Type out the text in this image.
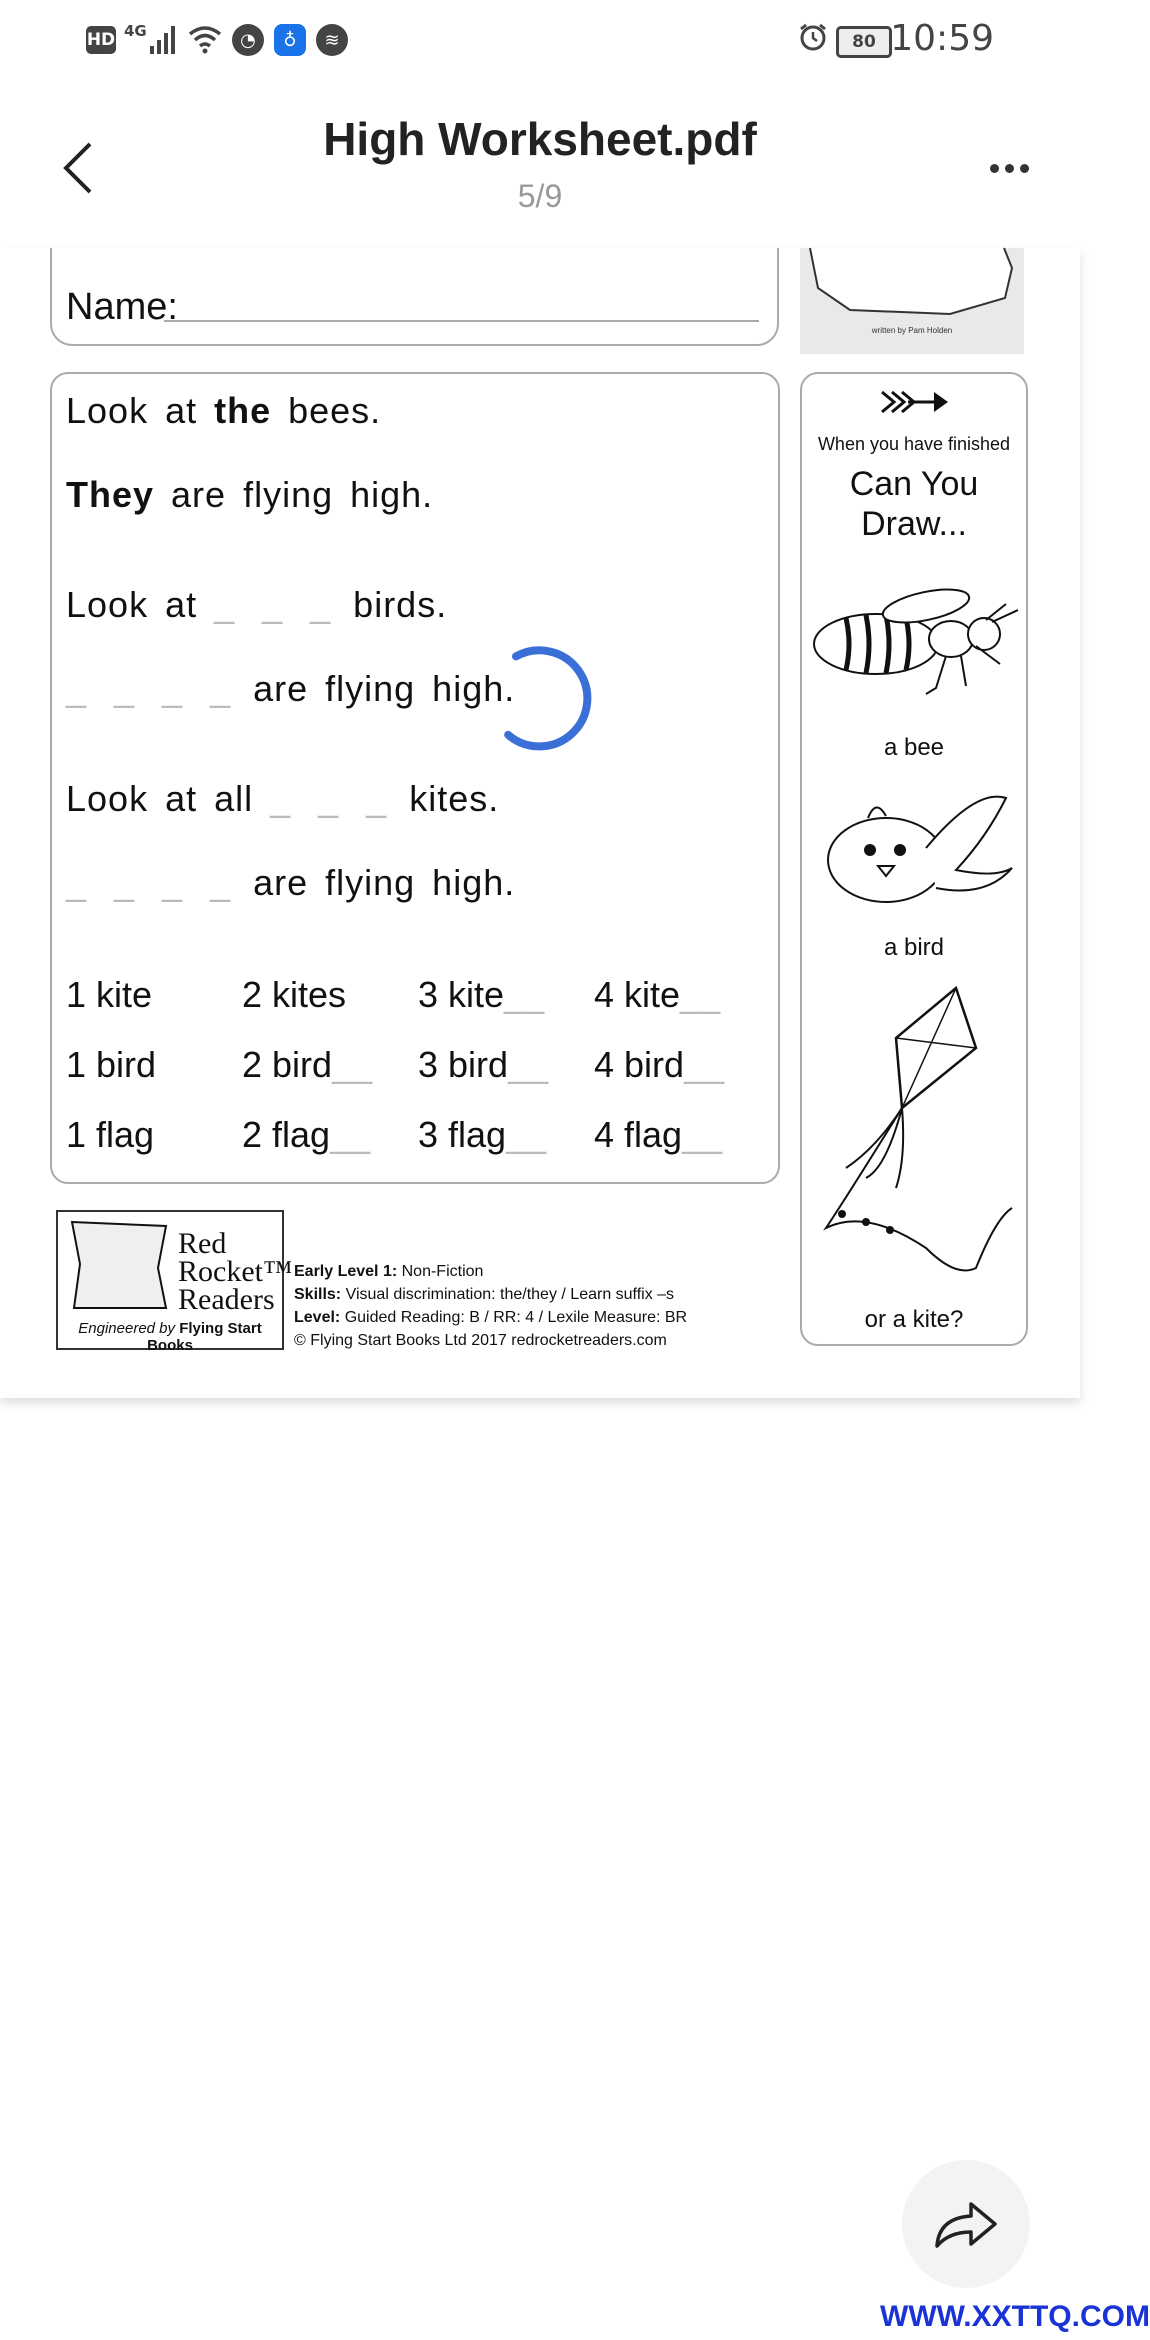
HD 4G	◔	♁	≋	80 10:59
High Worksheet.pdf
5/9
Name:
written by Pam Holden
Look at the bees.
They are flying high.
Look at _ _ _ birds.
_ _ _ _ are flying high.
Look at all _ _ _ kites.
_ _ _ _ are flying high.
1 kite 2 kites 3 kite__ 4 kite__
1 bird 2 bird__ 3 bird__ 4 bird__
1 flag 2 flag__ 3 flag__ 4 flag__
When you have finished
Can You Draw...
a bee
a bird
or a kite?
Red
Rocket™
Readers
Engineered by Flying Start Books
Early Level 1: Non-Fiction
Skills: Visual discrimination: the/they / Learn suffix –s
Level: Guided Reading: B / RR: 4 / Lexile Measure: BR
© Flying Start Books Ltd 2017 redrocketreaders.com
WWW.XXTTQ.COM
